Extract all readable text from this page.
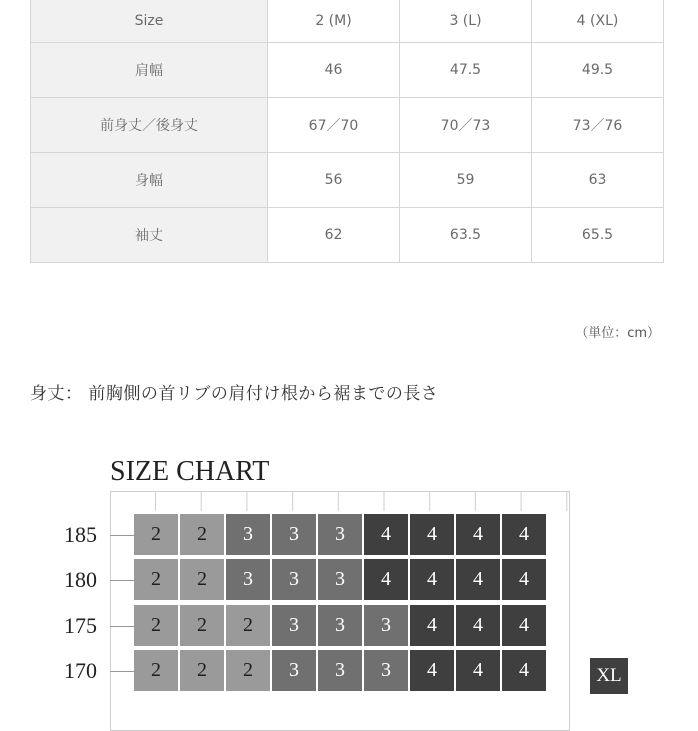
Size	2 (M)	3 (L)	4 (XL)
肩幅	46	47.5	49.5
前身丈／後身丈	67／70	70／73	73／76
身幅	56	59	63
袖丈	62	63.5	65.5
（単位：cm）
身丈： 前胸側の首リブの肩付け根から裾までの長さ
SIZE CHART
185	2	2	3	3	3	4	4	4	4
180	2	2	3	3	3	4	4	4	4
175	2	2	2	3	3	3	4	4	4
170	2	2	2	3	3	3	4	4	4	XL
